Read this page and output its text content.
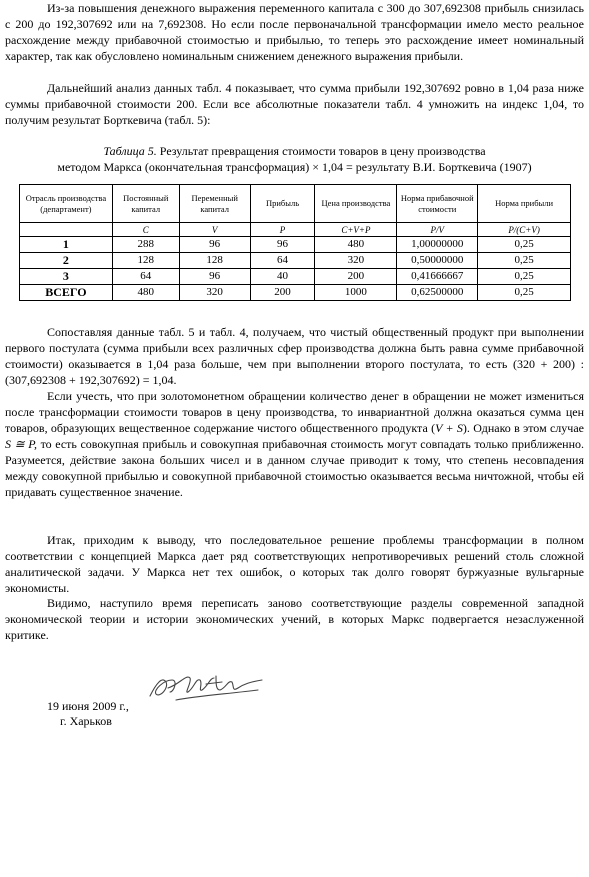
Из-за повышения денежного выражения переменного капитала с 300 до 307,692308 прибыль снизилась с 200 до 192,307692 или на 7,692308. Но если после первоначальной трансформации имело место реальное расхождение между прибавочной стоимостью и прибылью, то теперь это расхождение имеет номинальный характер, так как обусловлено номинальным снижением денежного выражения прибыли.

Дальнейший анализ данных табл. 4 показывает, что сумма прибыли 192,307692 ровно в 1,04 раза ниже суммы прибавочной стоимости 200. Если все абсолютные показатели табл. 4 умножить на индекс 1,04, то получим результат Борткевича (табл. 5):

Таблица 5. Результат превращения стоимости товаров в цену производства

методом Маркса (окончательная трансформация) × 1,04 = результату В.И. Борткевича (1907)

Отрасль производства (департамент)	Постоянный капитал	Переменный капитал	Прибыль	Цена производства	Норма прибавочной стоимости	Норма прибыли
	C	V	P	C+V+P	P/V	P/(C+V)
1	288	96	96	480	1,00000000	0,25
2	128	128	64	320	0,50000000	0,25
3	64	96	40	200	0,41666667	0,25
ВСЕГО	480	320	200	1000	0,62500000	0,25

Сопоставляя данные табл. 5 и табл. 4, получаем, что чистый общественный продукт при выполнении первого постулата (сумма прибыли всех различных сфер производства должна быть равна сумме прибавочной стоимости) оказывается в 1,04 раза больше, чем при выполнении второго постулата, то есть (320 + 200) : (307,692308 + 192,307692) = 1,04.

Если учесть, что при золотомонетном обращении количество денег в обращении не может измениться после трансформации стоимости товаров в цену производства, то инвариантной должна оказаться сумма цен товаров, образующих вещественное содержание чистого общественного продукта (V + S). Однако в этом случае S ≅ P, то есть совокупная прибыль и совокупная прибавочная стоимость могут совпадать только приближенно. Разумеется, действие закона больших чисел и в данном случае приводит к тому, что степень несовпадения между совокупной прибылью и совокупной прибавочной стоимостью оказывается весьма ничтожной, чтобы ей придавать существенное значение.

Итак, приходим к выводу, что последовательное решение проблемы трансформации в полном соответствии с концепцией Маркса дает ряд соответствующих непротиворечивых решений столь сложной аналитической задачи. У Маркса нет тех ошибок, о которых так долго говорят буржуазные вульгарные экономисты.

Видимо, наступило время переписать заново соответствующие разделы современной западной экономической теории и истории экономических учений, в которых Маркс подвергается незаслуженной критике.

19 июня 2009 г.,
г. Харьков
